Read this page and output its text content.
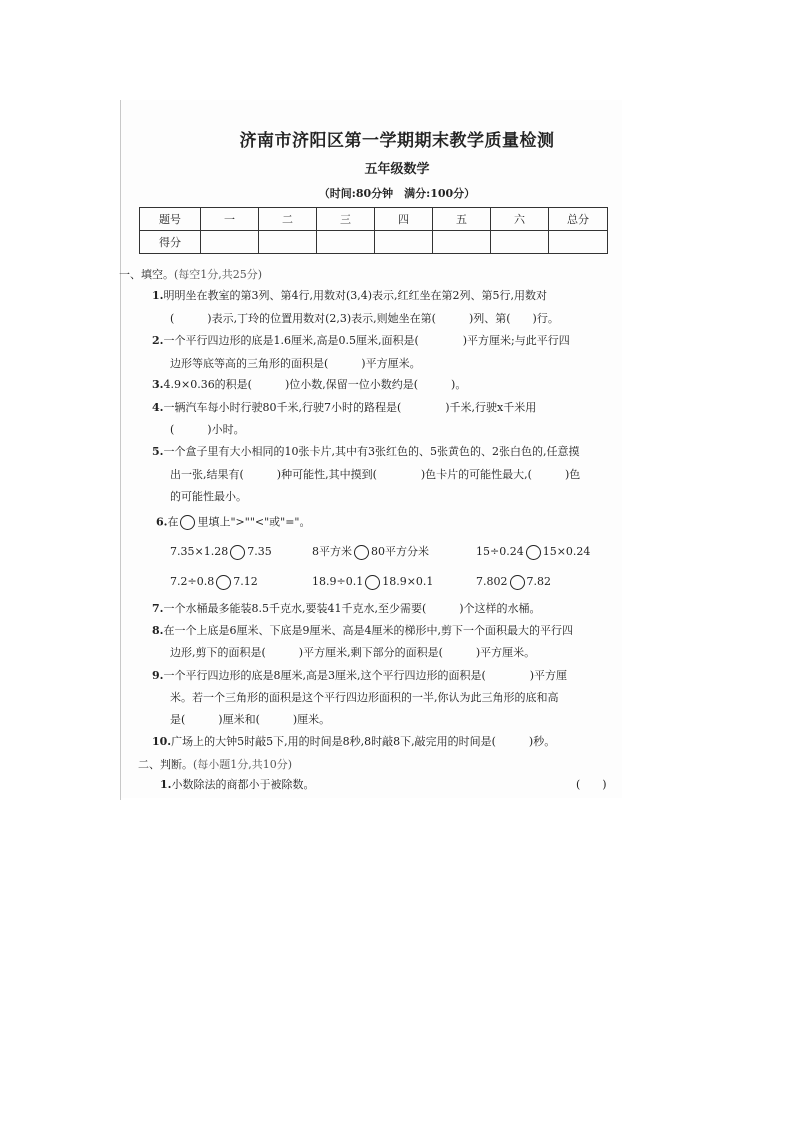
济南市济阳区第一学期期末教学质量检测
五年级数学
（时间:80分钟　满分:100分）
题号	一	二	三	四	五	六	总分
得分							
一、填空。(每空1分,共25分)
1.明明坐在教室的第3列、第4行,用数对(3,4)表示,红红坐在第2列、第5行,用数对
(　　　)表示,丁玲的位置用数对(2,3)表示,则她坐在第(　　　)列、第(　　)行。
2.一个平行四边形的底是1.6厘米,高是0.5厘米,面积是(　　　　)平方厘米;与此平行四
边形等底等高的三角形的面积是(　　　)平方厘米。
3.4.9×0.36的积是(　　　)位小数,保留一位小数约是(　　　)。
4.一辆汽车每小时行驶80千米,行驶7小时的路程是(　　　　)千米,行驶x千米用
(　　　)小时。
5.一个盒子里有大小相同的10张卡片,其中有3张红色的、5张黄色的、2张白色的,任意摸
出一张,结果有(　　　)种可能性,其中摸到(　　　　)色卡片的可能性最大,(　　　)色
的可能性最小。
6.在 里填上">""<"或"="。
7.35×1.28 7.35	8平方米 80平方分米	15÷0.24 15×0.24
7.2÷0.8 7.12	18.9÷0.1 18.9×0.1	7.802 7.82
7.一个水桶最多能装8.5千克水,要装41千克水,至少需要(　　　)个这样的水桶。
8.在一个上底是6厘米、下底是9厘米、高是4厘米的梯形中,剪下一个面积最大的平行四
边形,剪下的面积是(　　　)平方厘米,剩下部分的面积是(　　　)平方厘米。
9.一个平行四边形的底是8厘米,高是3厘米,这个平行四边形的面积是(　　　　)平方厘
米。若一个三角形的面积是这个平行四边形面积的一半,你认为此三角形的底和高
是(　　　)厘米和(　　　)厘米。
10.广场上的大钟5时敲5下,用的时间是8秒,8时敲8下,敲完用的时间是(　　　)秒。
二、判断。(每小题1分,共10分)
1.小数除法的商都小于被除数。	(　　)
